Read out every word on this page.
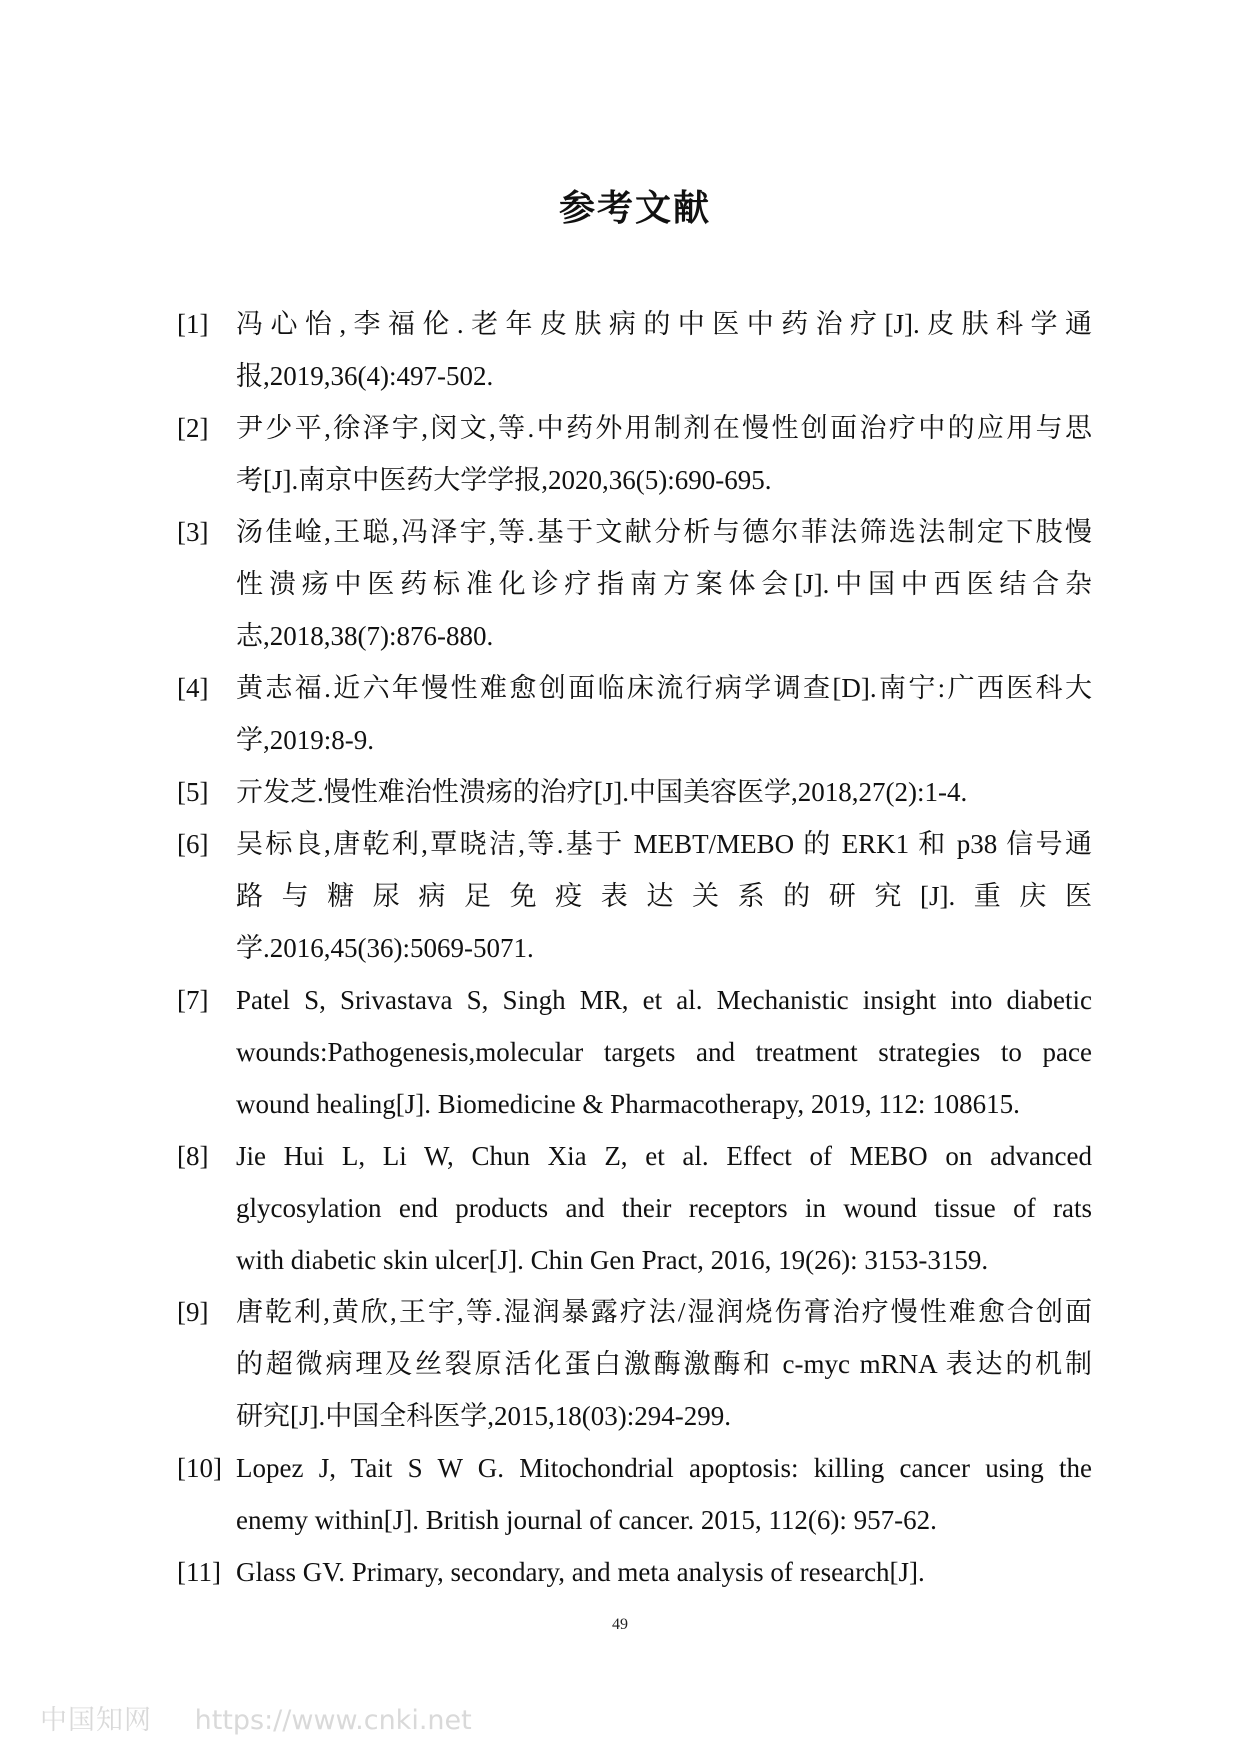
参考文献
[1]	冯心怡,李福伦.老年皮肤病的中医中药治疗[J].皮肤科学通
报,2019,36(4):497-502.
[2]	尹少平,徐泽宇,闵文,等.中药外用制剂在慢性创面治疗中的应用与思
考[J].南京中医药大学学报,2020,36(5):690-695.
[3]	汤佳崯,王聪,冯泽宇,等.基于文献分析与德尔菲法筛选法制定下肢慢
性溃疡中医药标准化诊疗指南方案体会[J].中国中西医结合杂
志,2018,38(7):876-880.
[4]	黄志福.近六年慢性难愈创面临床流行病学调查[D].南宁:广西医科大
学,2019:8-9.
[5]	亓发芝.慢性难治性溃疡的治疗[J].中国美容医学,2018,27(2):1-4.
[6]	吴标良,唐乾利,覃晓洁,等.基于 MEBT/MEBO 的 ERK1 和 p38 信号通
路与糖尿病足免疫表达关系的研究[J].重庆医
学.2016,45(36):5069-5071.
[7]	Patel S, Srivastava S, Singh MR, et al. Mechanistic insight into diabetic
wounds:Pathogenesis,molecular targets and treatment strategies to pace
wound healing[J]. Biomedicine & Pharmacotherapy, 2019, 112: 108615.
[8]	Jie Hui L, Li W, Chun Xia Z, et al. Effect of MEBO on advanced
glycosylation end products and their receptors in wound tissue of rats
with diabetic skin ulcer[J]. Chin Gen Pract, 2016, 19(26): 3153-3159.
[9]	唐乾利,黄欣,王宇,等.湿润暴露疗法/湿润烧伤膏治疗慢性难愈合创面
的超微病理及丝裂原活化蛋白激酶激酶和 c-myc mRNA 表达的机制
研究[J].中国全科医学,2015,18(03):294-299.
[10] Lopez J, Tait S W G. Mitochondrial apoptosis: killing cancer using the
enemy within[J]. British journal of cancer. 2015, 112(6): 957-62.
[11] Glass GV. Primary, secondary, and meta analysis of research[J].
49
中国知网 https://www.cnki.net
